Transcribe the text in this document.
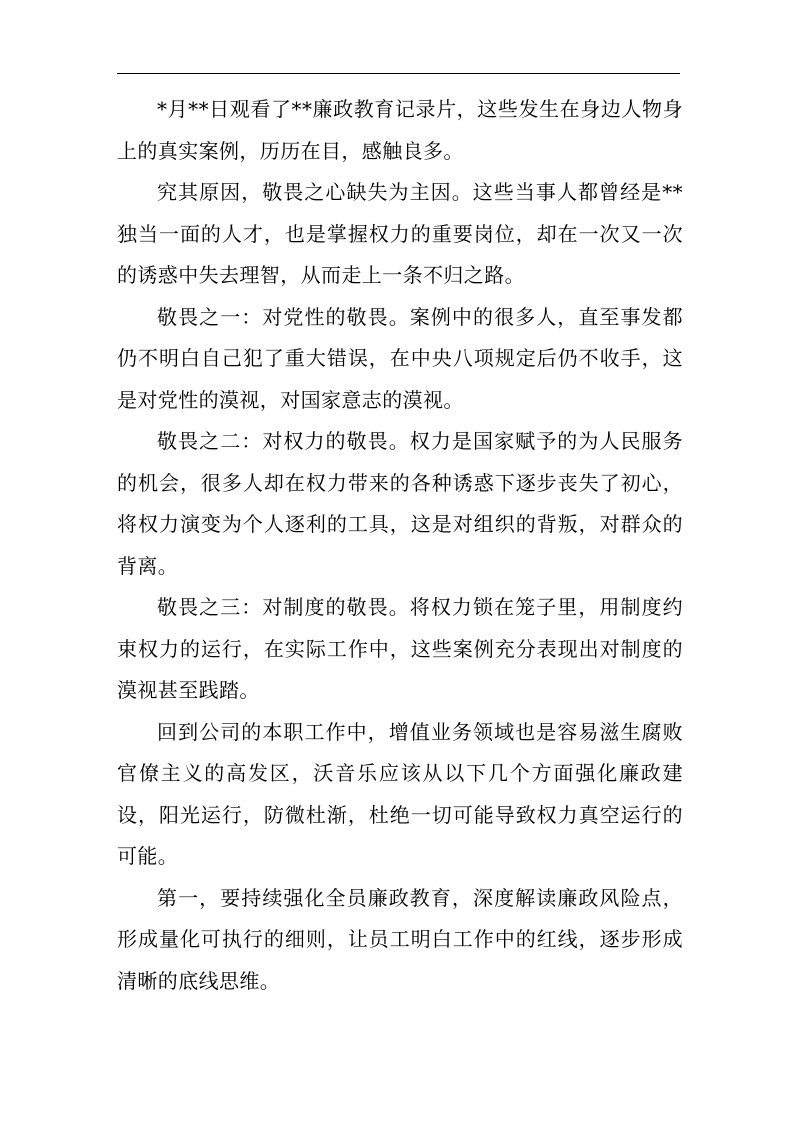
*月**日观看了**廉政教育记录片，这些发生在身边人物身上的真实案例，历历在目，感触良多。

究其原因，敬畏之心缺失为主因。这些当事人都曾经是**独当一面的人才，也是掌握权力的重要岗位，却在一次又一次的诱惑中失去理智，从而走上一条不归之路。

敬畏之一：对党性的敬畏。案例中的很多人，直至事发都仍不明白自己犯了重大错误，在中央八项规定后仍不收手，这是对党性的漠视，对国家意志的漠视。

敬畏之二：对权力的敬畏。权力是国家赋予的为人民服务的机会，很多人却在权力带来的各种诱惑下逐步丧失了初心，将权力演变为个人逐利的工具，这是对组织的背叛，对群众的背离。

敬畏之三：对制度的敬畏。将权力锁在笼子里，用制度约束权力的运行，在实际工作中，这些案例充分表现出对制度的漠视甚至践踏。

回到公司的本职工作中，增值业务领域也是容易滋生腐败官僚主义的高发区，沃音乐应该从以下几个方面强化廉政建设，阳光运行，防微杜渐，杜绝一切可能导致权力真空运行的可能。

第一，要持续强化全员廉政教育，深度解读廉政风险点，形成量化可执行的细则，让员工明白工作中的红线，逐步形成清晰的底线思维。
